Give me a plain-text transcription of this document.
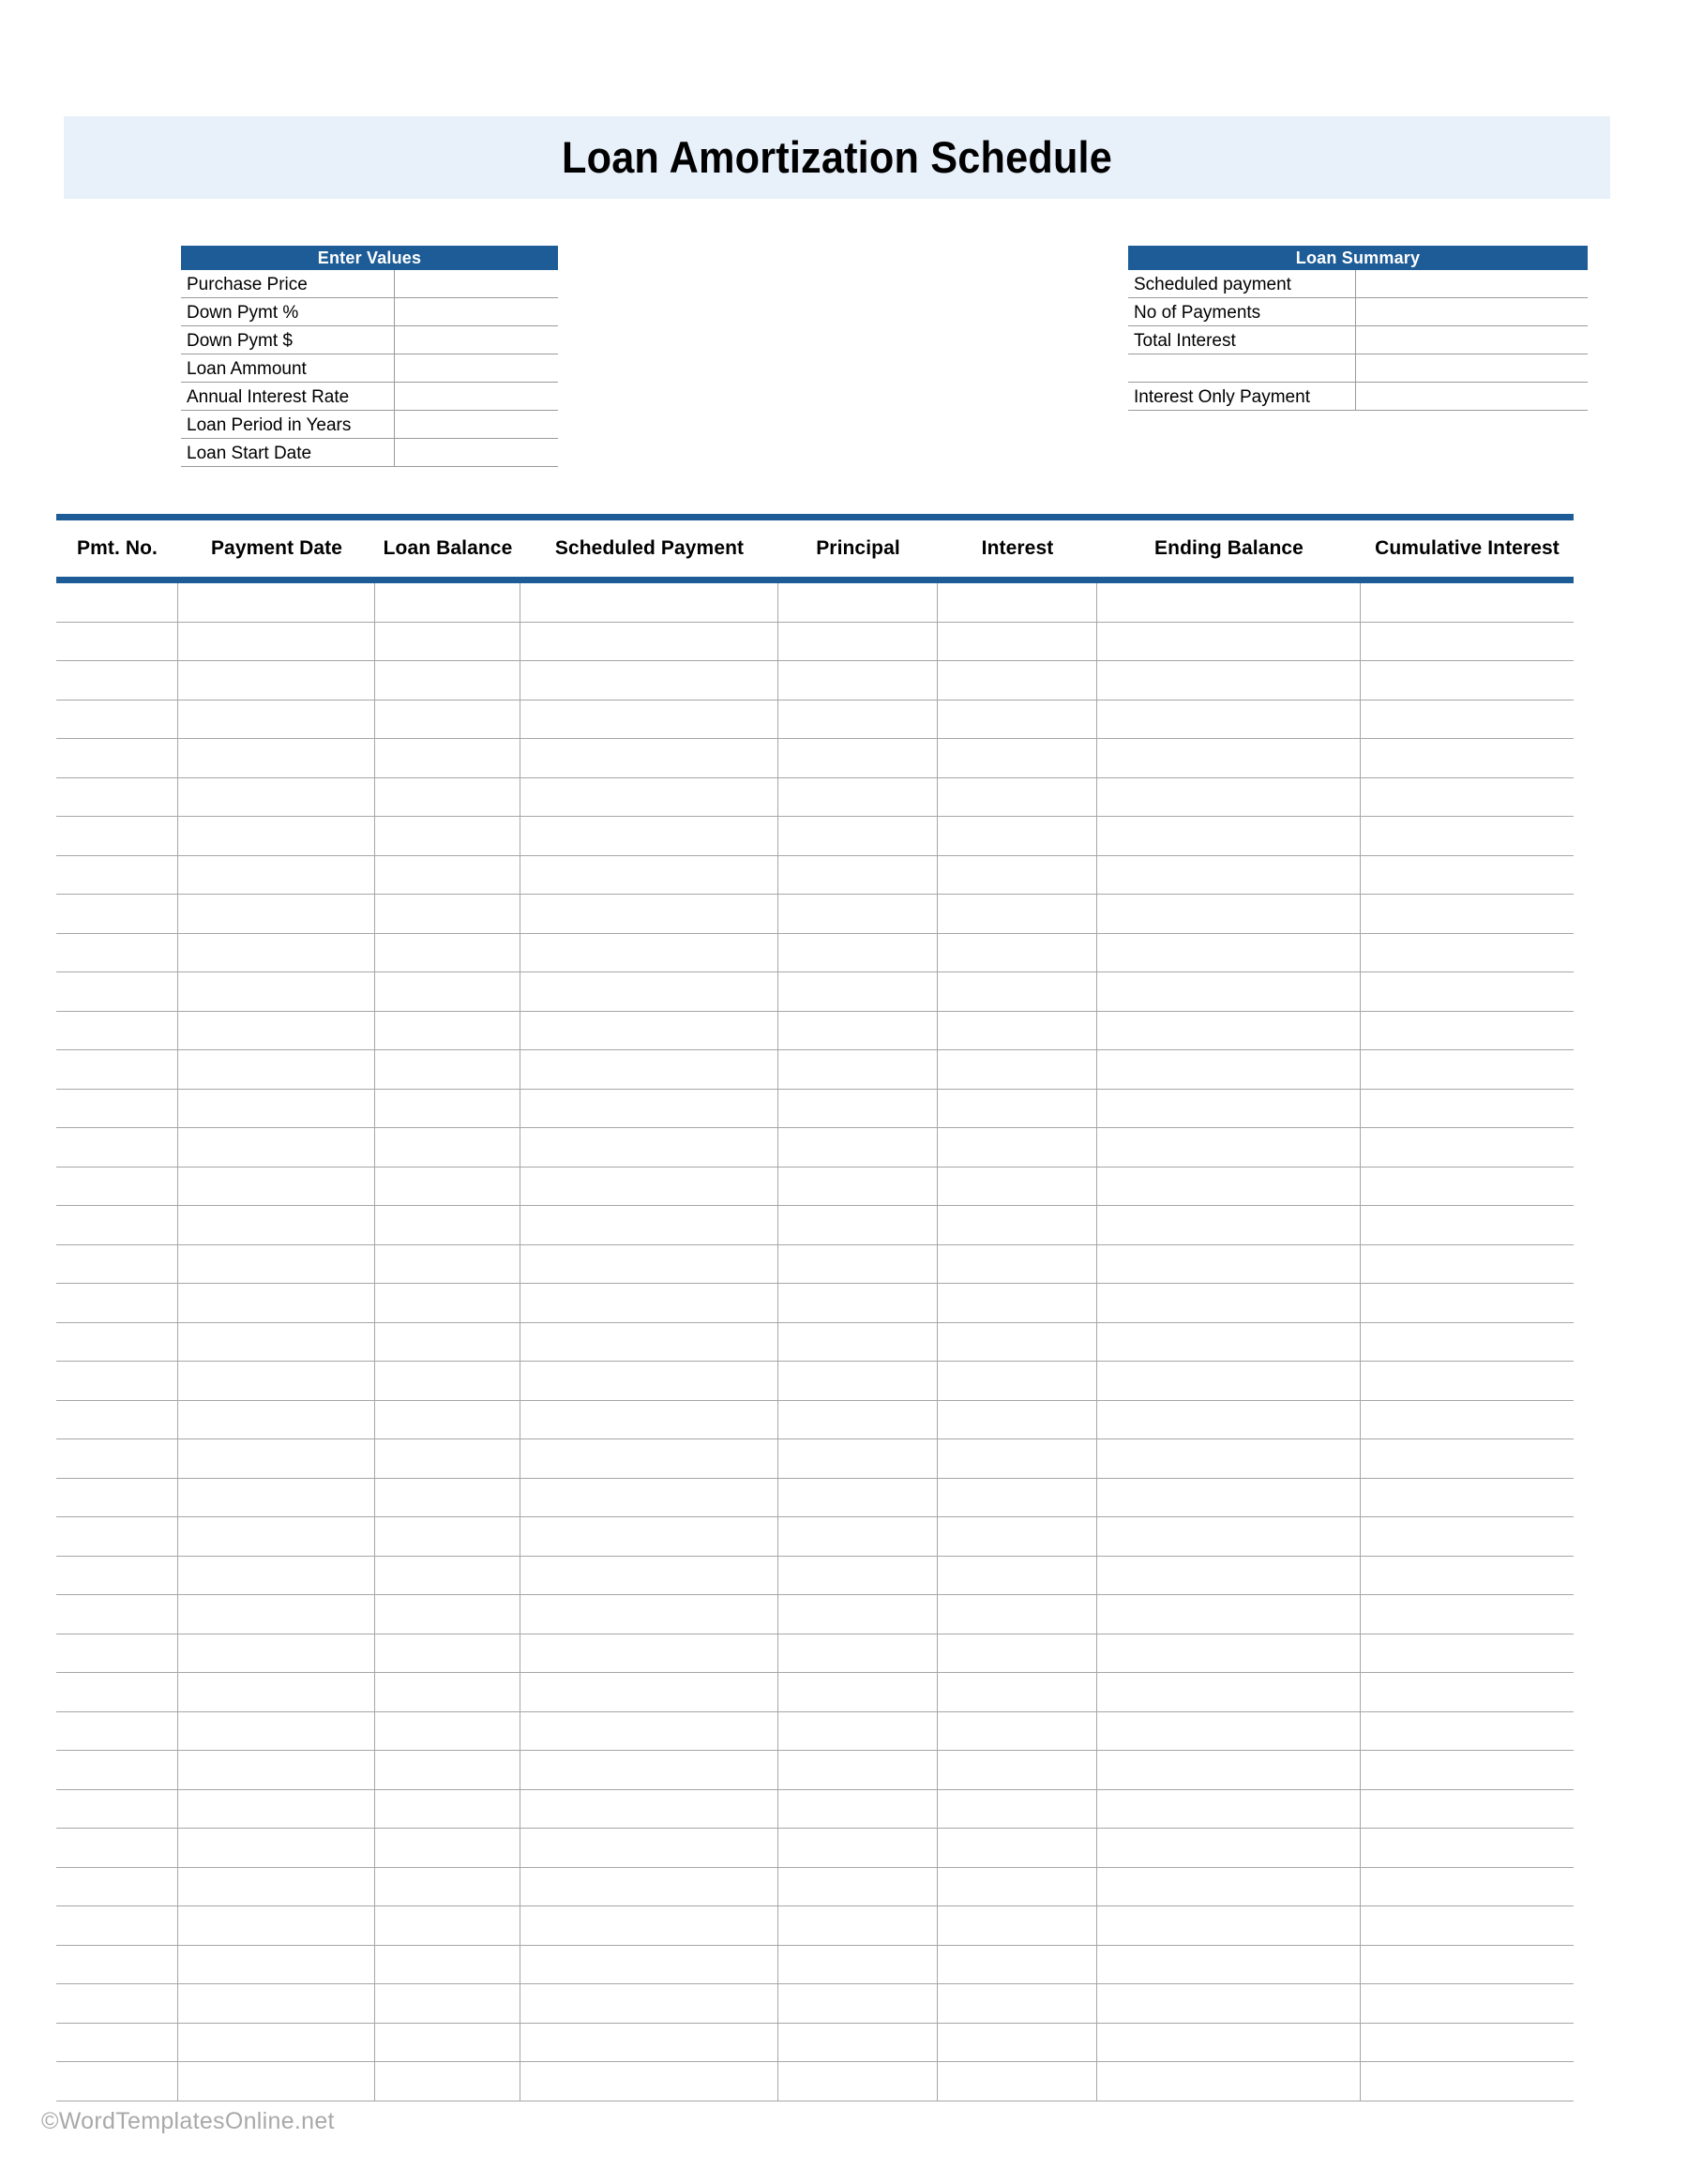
Loan Amortization Schedule
Enter Values
Purchase Price
Down Pymt %
Down Pymt $
Loan Ammount
Annual Interest Rate
Loan Period in Years
Loan Start Date
Loan Summary
Scheduled payment
No of Payments
Total Interest
Interest Only Payment
Pmt. No.	Payment Date	Loan Balance	Scheduled Payment	Principal	Interest	Ending Balance	Cumulative Interest
©WordTemplatesOnline.net
